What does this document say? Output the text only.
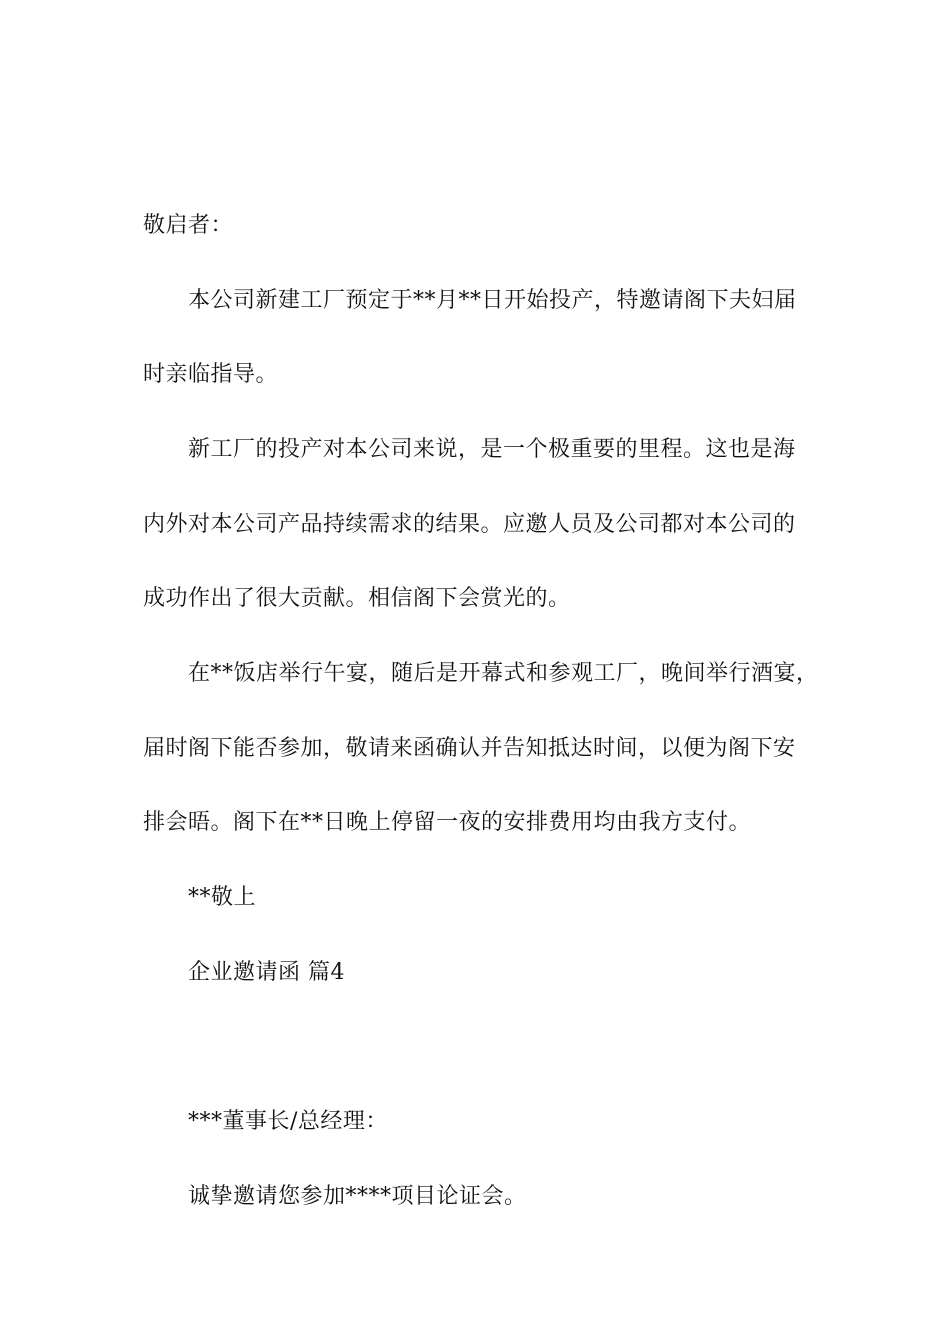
敬启者：
本公司新建工厂预定于**月**日开始投产，特邀请阁下夫妇届
时亲临指导。
新工厂的投产对本公司来说，是一个极重要的里程。这也是海
内外对本公司产品持续需求的结果。应邀人员及公司都对本公司的
成功作出了很大贡献。相信阁下会赏光的。
在**饭店举行午宴，随后是开幕式和参观工厂，晚间举行酒宴，
届时阁下能否参加，敬请来函确认并告知抵达时间，以便为阁下安
排会晤。阁下在**日晚上停留一夜的安排费用均由我方支付。
**敬上
企业邀请函 篇4
***董事长/总经理：
诚挚邀请您参加****项目论证会。
